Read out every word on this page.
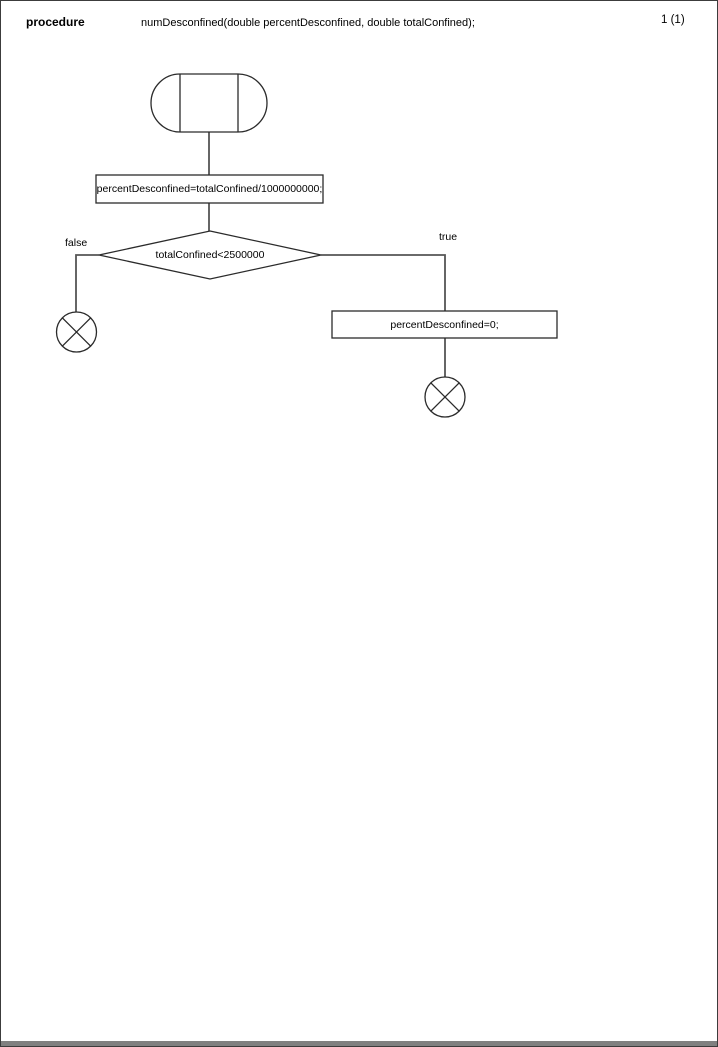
procedure	numDesconfined(double percentDesconfined, double totalConfined);	1 (1)
percentDesconfined=totalConfined/1000000000;
totalConfined<2500000
false	true
percentDesconfined=0;
